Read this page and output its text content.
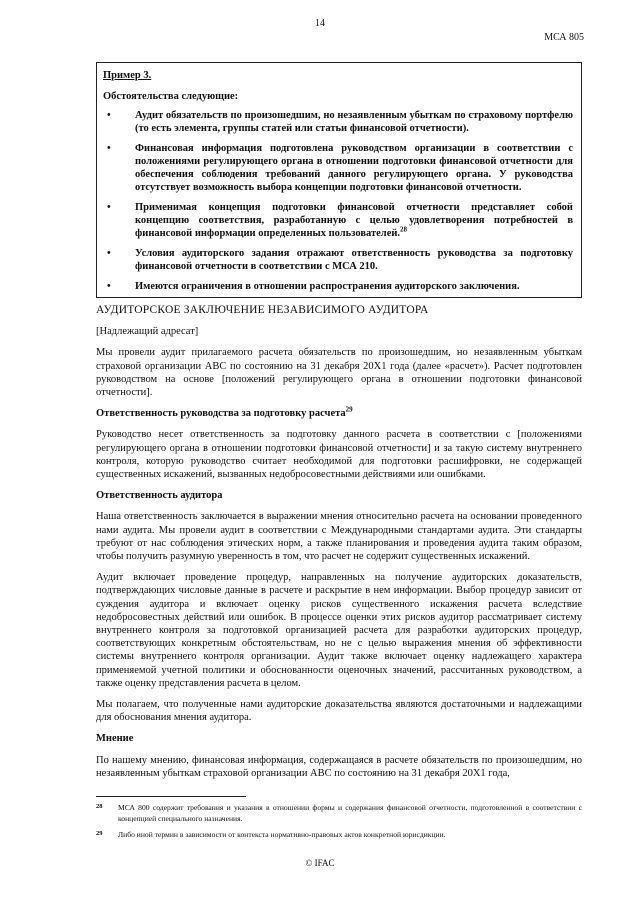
14
МСА 805

Пример 3.

Обстоятельства следующие:

• Аудит обязательств по произошедшим, но незаявленным убыткам по страховому портфелю (то есть элемента, группы статей или статьи финансовой отчетности).
• Финансовая информация подготовлена руководством организации в соответствии с положениями регулирующего органа в отношении подготовки финансовой отчетности для обеспечения соблюдения требований данного регулирующего органа. У руководства отсутствует возможность выбора концепции подготовки финансовой отчетности.
• Применимая концепция подготовки финансовой отчетности представляет собой концепцию соответствия, разработанную с целью удовлетворения потребностей в финансовой информации определенных пользователей.$^{28}$
• Условия аудиторского задания отражают ответственность руководства за подготовку финансовой отчетности в соответствии с МСА 210.
• Имеются ограничения в отношении распространения аудиторского заключения.

АУДИТОРСКОЕ ЗАКЛЮЧЕНИЕ НЕЗАВИСИМОГО АУДИТОРА

[Надлежащий адресат]

Мы провели аудит прилагаемого расчета обязательств по произошедшим, но незаявленным убыткам страховой организации ABC по состоянию на 31 декабря 20X1 года (далее «расчет»). Расчет подготовлен руководством на основе [положений регулирующего органа в отношении подготовки финансовой отчетности].

Ответственность руководства за подготовку расчета$^{29}$

Руководство несет ответственность за подготовку данного расчета в соответствии с [положениями регулирующего органа в отношении подготовки финансовой отчетности] и за такую систему внутреннего контроля, которую руководство считает необходимой для подготовки расшифровки, не содержащей существенных искажений, вызванных недобросовестными действиями или ошибками.

Ответственность аудитора

Наша ответственность заключается в выражении мнения относительно расчета на основании проведенного нами аудита. Мы провели аудит в соответствии с Международными стандартами аудита. Эти стандарты требуют от нас соблюдения этических норм, а также планирования и проведения аудита таким образом, чтобы получить разумную уверенность в том, что расчет не содержит существенных искажений.

Аудит включает проведение процедур, направленных на получение аудиторских доказательств, подтверждающих числовые данные в расчете и раскрытие в нем информации. Выбор процедур зависит от суждения аудитора и включает оценку рисков существенного искажения расчета вследствие недобросовестных действий или ошибок. В процессе оценки этих рисков аудитор рассматривает систему внутреннего контроля за подготовкой организацией расчета для разработки аудиторских процедур, соответствующих конкретным обстоятельствам, но не с целью выражения мнения об эффективности системы внутреннего контроля организации. Аудит также включает оценку надлежащего характера применяемой учетной политики и обоснованности оценочных значений, рассчитанных руководством, а также оценку представления расчета в целом.

Мы полагаем, что полученные нами аудиторские доказательства являются достаточными и надлежащими для обоснования мнения аудитора.

Мнение

По нашему мнению, финансовая информация, содержащаяся в расчете обязательств по произошедшим, но незаявленным убыткам страховой организации ABC по состоянию на 31 декабря 20X1 года,

28 МСА 800 содержит требования и указания в отношении формы и содержания финансовой отчетности, подготовленной в соответствии с концепцией специального назначения.
29 Либо иной термин в зависимости от контекста нормативно-правовых актов конкретной юрисдикции.
© IFAC
